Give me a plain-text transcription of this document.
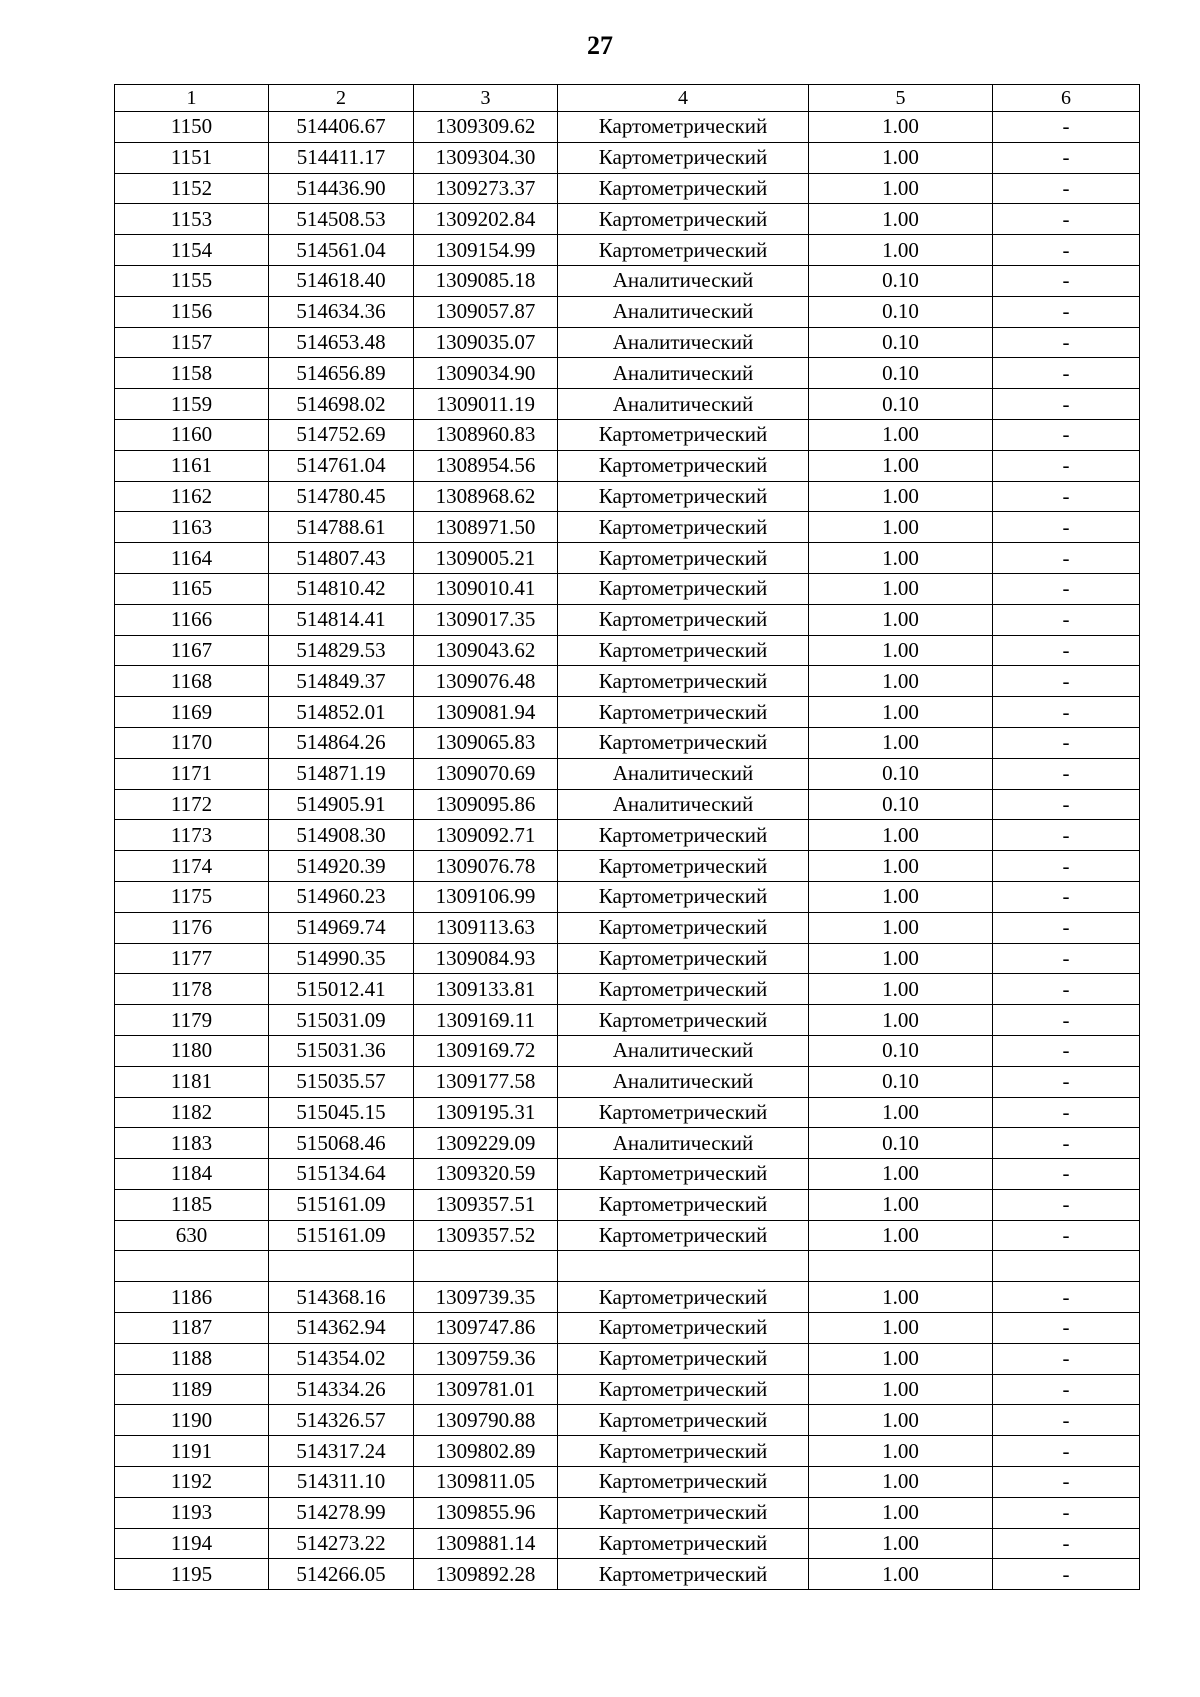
27
1	2	3	4	5	6
1150	514406.67	1309309.62	Картометрический	1.00	-
1151	514411.17	1309304.30	Картометрический	1.00	-
1152	514436.90	1309273.37	Картометрический	1.00	-
1153	514508.53	1309202.84	Картометрический	1.00	-
1154	514561.04	1309154.99	Картометрический	1.00	-
1155	514618.40	1309085.18	Аналитический	0.10	-
1156	514634.36	1309057.87	Аналитический	0.10	-
1157	514653.48	1309035.07	Аналитический	0.10	-
1158	514656.89	1309034.90	Аналитический	0.10	-
1159	514698.02	1309011.19	Аналитический	0.10	-
1160	514752.69	1308960.83	Картометрический	1.00	-
1161	514761.04	1308954.56	Картометрический	1.00	-
1162	514780.45	1308968.62	Картометрический	1.00	-
1163	514788.61	1308971.50	Картометрический	1.00	-
1164	514807.43	1309005.21	Картометрический	1.00	-
1165	514810.42	1309010.41	Картометрический	1.00	-
1166	514814.41	1309017.35	Картометрический	1.00	-
1167	514829.53	1309043.62	Картометрический	1.00	-
1168	514849.37	1309076.48	Картометрический	1.00	-
1169	514852.01	1309081.94	Картометрический	1.00	-
1170	514864.26	1309065.83	Картометрический	1.00	-
1171	514871.19	1309070.69	Аналитический	0.10	-
1172	514905.91	1309095.86	Аналитический	0.10	-
1173	514908.30	1309092.71	Картометрический	1.00	-
1174	514920.39	1309076.78	Картометрический	1.00	-
1175	514960.23	1309106.99	Картометрический	1.00	-
1176	514969.74	1309113.63	Картометрический	1.00	-
1177	514990.35	1309084.93	Картометрический	1.00	-
1178	515012.41	1309133.81	Картометрический	1.00	-
1179	515031.09	1309169.11	Картометрический	1.00	-
1180	515031.36	1309169.72	Аналитический	0.10	-
1181	515035.57	1309177.58	Аналитический	0.10	-
1182	515045.15	1309195.31	Картометрический	1.00	-
1183	515068.46	1309229.09	Аналитический	0.10	-
1184	515134.64	1309320.59	Картометрический	1.00	-
1185	515161.09	1309357.51	Картометрический	1.00	-
630	515161.09	1309357.52	Картометрический	1.00	-

1186	514368.16	1309739.35	Картометрический	1.00	-
1187	514362.94	1309747.86	Картометрический	1.00	-
1188	514354.02	1309759.36	Картометрический	1.00	-
1189	514334.26	1309781.01	Картометрический	1.00	-
1190	514326.57	1309790.88	Картометрический	1.00	-
1191	514317.24	1309802.89	Картометрический	1.00	-
1192	514311.10	1309811.05	Картометрический	1.00	-
1193	514278.99	1309855.96	Картометрический	1.00	-
1194	514273.22	1309881.14	Картометрический	1.00	-
1195	514266.05	1309892.28	Картометрический	1.00	-
